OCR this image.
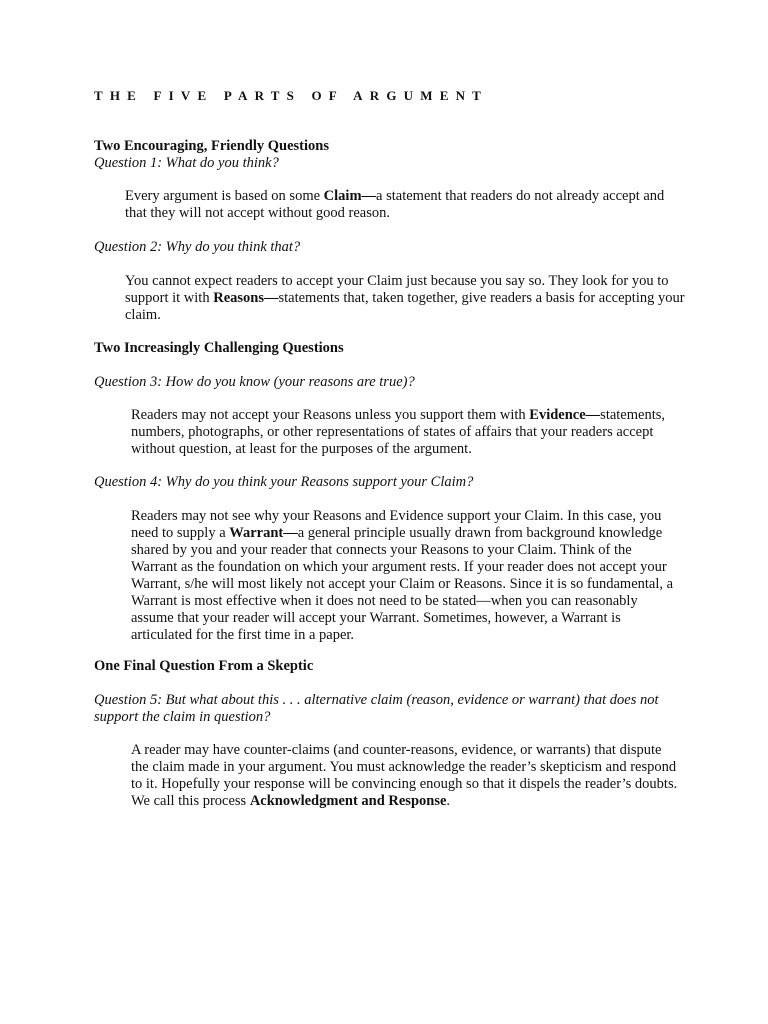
THE FIVE PARTS OF ARGUMENT
Two Encouraging, Friendly Questions
Question 1: What do you think?
Every argument is based on some Claim—a statement that readers do not already accept and that they will not accept without good reason.
Question 2: Why do you think that?
You cannot expect readers to accept your Claim just because you say so. They look for you to support it with Reasons—statements that, taken together, give readers a basis for accepting your claim.
Two Increasingly Challenging Questions
Question 3: How do you know (your reasons are true)?
Readers may not accept your Reasons unless you support them with Evidence—statements, numbers, photographs, or other representations of states of affairs that your readers accept without question, at least for the purposes of the argument.
Question 4: Why do you think your Reasons support your Claim?
Readers may not see why your Reasons and Evidence support your Claim. In this case, you need to supply a Warrant—a general principle usually drawn from background knowledge shared by you and your reader that connects your Reasons to your Claim. Think of the Warrant as the foundation on which your argument rests. If your reader does not accept your Warrant, s/he will most likely not accept your Claim or Reasons. Since it is so fundamental, a Warrant is most effective when it does not need to be stated—when you can reasonably assume that your reader will accept your Warrant. Sometimes, however, a Warrant is articulated for the first time in a paper.
One Final Question From a Skeptic
Question 5: But what about this . . . alternative claim (reason, evidence or warrant) that does not support the claim in question?
A reader may have counter-claims (and counter-reasons, evidence, or warrants) that dispute the claim made in your argument. You must acknowledge the reader’s skepticism and respond to it. Hopefully your response will be convincing enough so that it dispels the reader’s doubts. We call this process Acknowledgment and Response.
